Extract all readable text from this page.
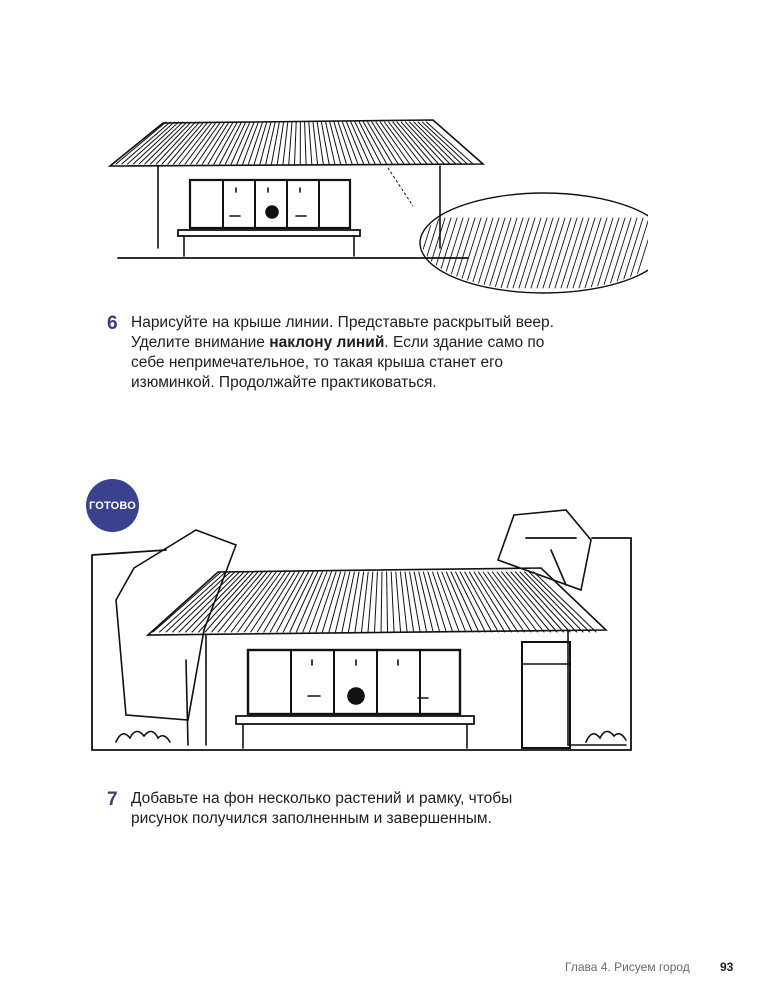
6 Нарисуйте на крыше линии. Представьте раскрытый веер. Уделите внимание наклону линий. Если здание само по себе непримечательное, то такая крыша станет его изюминкой. Продолжайте практиковаться.
ГОТОВО
7 Добавьте на фон несколько растений и рамку, чтобы рисунок получился заполненным и завершенным.
Глава 4. Рисуем город	93
